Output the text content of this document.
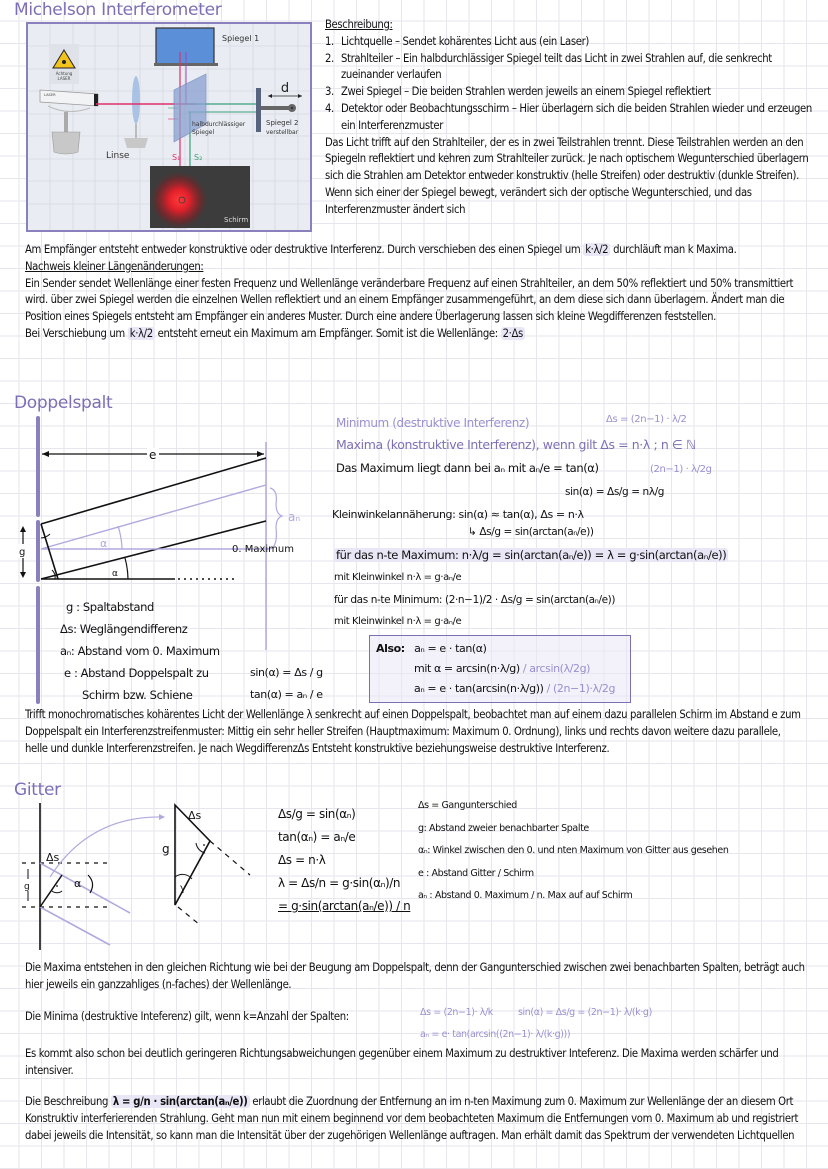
Michelson Interferometer
Achtung
LASER
LASER
Linse
Spiegel 1
halbdurchlässiger
Spiegel
d
Spiegel 2
verstellbar
S₁ S₂
Schirm
Beschreibung:
1. Lichtquelle – Sendet kohärentes Licht aus (ein Laser)
2. Strahlteiler – Ein halbdurchlässiger Spiegel teilt das Licht in zwei Strahlen auf, die senkrecht zueinander verlaufen
3. Zwei Spiegel – Die beiden Strahlen werden jeweils an einem Spiegel reflektiert
4. Detektor oder Beobachtungsschirm – Hier überlagern sich die beiden Strahlen wieder und erzeugen ein Interferenzmuster
Das Licht trifft auf den Strahlteiler, der es in zwei Teilstrahlen trennt. Diese Teilstrahlen werden an den Spiegeln reflektiert und kehren zum Strahlteiler zurück. Je nach optischem Wegunterschied überlagern sich die Strahlen am Detektor entweder konstruktiv (helle Streifen) oder destruktiv (dunkle Streifen). Wenn sich einer der Spiegel bewegt, verändert sich der optische Wegunterschied, und das Interferenzmuster ändert sich
Am Empfänger entsteht entweder konstruktive oder destruktive Interferenz. Durch verschieben des einen Spiegel um k·λ/2 durchläuft man k Maxima.
Nachweis kleiner Längenänderungen:
Ein Sender sendet Wellenlänge einer festen Frequenz und Wellenlänge veränderbare Frequenz auf einen Strahlteiler, an dem 50% reflektiert und 50% transmittiert wird. über zwei Spiegel werden die einzelnen Wellen reflektiert und an einem Empfänger zusammengeführt, an dem diese sich dann überlagern. Ändert man die Position eines Spiegels entsteht am Empfänger ein anderes Muster. Durch eine andere Überlagerung lassen sich kleine Wegdifferenzen feststellen.
Bei Verschiebung um k·λ/2 entsteht erneut ein Maximum am Empfänger. Somit ist die Wellenlänge: 2·Δs
Doppelspalt
e
α
α
aₙ
0. Maximum
g
g : Spaltabstand
Δs: Weglängendifferenz
aₙ: Abstand vom 0. Maximum
e : Abstand Doppelspalt zu
Schirm bzw. Schiene
sin(α) = Δs / g
tan(α) = aₙ / e
Minimum (destruktive Interferenz)	Δs = (2n−1) · λ/2
Maxima (konstruktive Interferenz), wenn gilt Δs = n·λ ; n ∈ ℕ
Das Maximum liegt dann bei aₙ mit aₙ/e = tan(α)	(2n−1) · λ/2g
sin(α) = Δs/g = nλ/g
Kleinwinkelannäherung: sin(α) ≈ tan(α), Δs = n·λ
↳ Δs/g = sin(arctan(aₙ/e))
für das n-te Maximum: n·λ/g = sin(arctan(aₙ/e)) = λ = g·sin(arctan(aₙ/e))
mit Kleinwinkel n·λ = g·aₙ/e
für das n-te Minimum: (2·n−1)/2 · Δs/g = sin(arctan(aₙ/e))
mit Kleinwinkel n·λ = g·aₙ/e
Also: aₙ = e · tan(α)
mit α = arcsin(n·λ/g) / arcsin(λ/2g)
aₙ = e · tan(arcsin(n·λ/g)) / (2n−1)·λ/2g
Trifft monochromatisches kohärentes Licht der Wellenlänge λ senkrecht auf einen Doppelspalt, beobachtet man auf einem dazu parallelen Schirm im Abstand e zum Doppelspalt ein Interferenzstreifenmuster: Mittig ein sehr heller Streifen (Hauptmaximum: Maximum 0. Ordnung), links und rechts davon weitere dazu parallele, helle und dunkle Interferenzstreifen. Je nach WegdifferenzΔs Entsteht konstruktive beziehungsweise destruktive Interferenz.
Gitter
α
Δs
g	γ
Δs
g
Δs/g = sin(αₙ)
tan(αₙ) = aₙ/e
Δs = n·λ
λ = Δs/n = g·sin(αₙ)/n
= g·sin(arctan(aₙ/e)) / n
Δs = Gangunterschied
g: Abstand zweier benachbarter Spalte
αₙ: Winkel zwischen den 0. und nten Maximum von Gitter aus gesehen
e : Abstand Gitter / Schirm
aₙ : Abstand 0. Maximum / n. Max auf auf Schirm
Die Maxima entstehen in den gleichen Richtung wie bei der Beugung am Doppelspalt, denn der Gangunterschied zwischen zwei benachbarten Spalten, beträgt auch hier jeweils ein ganzzahliges (n-faches) der Wellenlänge.
Die Minima (destruktive Inteferenz) gilt, wenn k=Anzahl der Spalten:	Δs = (2n−1)· λ/k	sin(α) = Δs/g = (2n−1)· λ/(k·g)
aₙ = e· tan(arcsin((2n−1)· λ/(k·g)))
Es kommt also schon bei deutlich geringeren Richtungsabweichungen gegenüber einem Maximum zu destruktiver Inteferenz. Die Maxima werden schärfer und intensiver.
Die Beschreibung λ = g/n · sin(arctan(aₙ/e)) erlaubt die Zuordnung der Entfernung an im n-ten Maximung zum 0. Maximum zur Wellenlänge der an diesem Ort Konstruktiv interferierenden Strahlung. Geht man nun mit einem beginnend vor dem beobachteten Maximum die Entfernungen vom 0. Maximum ab und registriert dabei jeweils die Intensität, so kann man die Intensität über der zugehörigen Wellenlänge auftragen. Man erhält damit das Spektrum der verwendeten Lichtquellen
